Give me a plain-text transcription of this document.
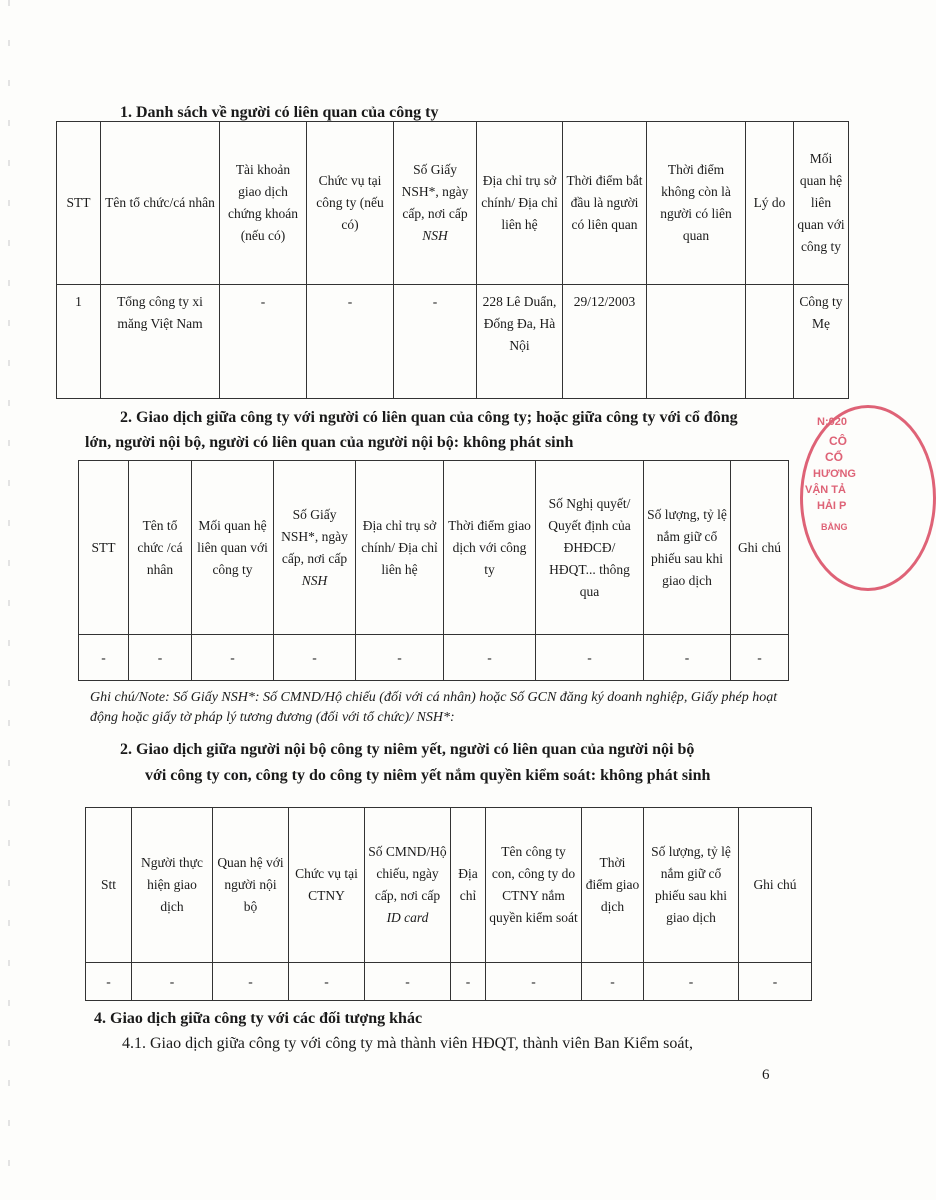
1. Danh sách về người có liên quan của công ty
STT	Tên tổ chức/cá nhân	Tài khoản giao dịch chứng khoán (nếu có)	Chức vụ tại công ty (nếu có)	Số Giấy NSH*, ngày cấp, nơi cấp NSH	Địa chỉ trụ sở chính/ Địa chỉ liên hệ	Thời điểm bắt đầu là người có liên quan	Thời điểm không còn là người có liên quan	Lý do	Mối quan hệ liên quan với công ty
1	Tổng công ty xi măng Việt Nam	-	-	-	228 Lê Duẩn, Đống Đa, Hà Nội	29/12/2003			Công ty Mẹ
2. Giao dịch giữa công ty với người có liên quan của công ty; hoặc giữa công ty với cổ đông
lớn, người nội bộ, người có liên quan của người nội bộ: không phát sinh
STT	Tên tổ chức /cá nhân	Mối quan hệ liên quan với công ty	Số Giấy NSH*, ngày cấp, nơi cấp NSH	Địa chỉ trụ sở chính/ Địa chỉ liên hệ	Thời điểm giao dịch với công ty	Số Nghị quyết/ Quyết định của ĐHĐCĐ/ HĐQT... thông qua	Số lượng, tỷ lệ nắm giữ cổ phiếu sau khi giao dịch	Ghi chú
-	-	-	-	-	-	-	-	-
Ghi chú/Note: Số Giấy NSH*: Số CMND/Hộ chiếu (đối với cá nhân) hoặc Số GCN đăng ký doanh nghiệp, Giấy phép hoạt động hoặc giấy tờ pháp lý tương đương (đối với tổ chức)/ NSH*:
2. Giao dịch giữa người nội bộ công ty niêm yết, người có liên quan của người nội bộ
với công ty con, công ty do công ty niêm yết nắm quyền kiểm soát: không phát sinh
Stt	Người thực hiện giao dịch	Quan hệ với người nội bộ	Chức vụ tại CTNY	Số CMND/Hộ chiếu, ngày cấp, nơi cấp ID card	Địa chỉ	Tên công ty con, công ty do CTNY nắm quyền kiểm soát	Thời điểm giao dịch	Số lượng, tỷ lệ nắm giữ cổ phiếu sau khi giao dịch	Ghi chú
-	-	-	-	-	-	-	-	-	-
4. Giao dịch giữa công ty với các đối tượng khác
4.1. Giao dịch giữa công ty với công ty mà thành viên HĐQT, thành viên Ban Kiểm soát,
6
N:020
CÔ
CỔ
HƯƠNG
VẬN TẢ
HẢI P
BẰNG
